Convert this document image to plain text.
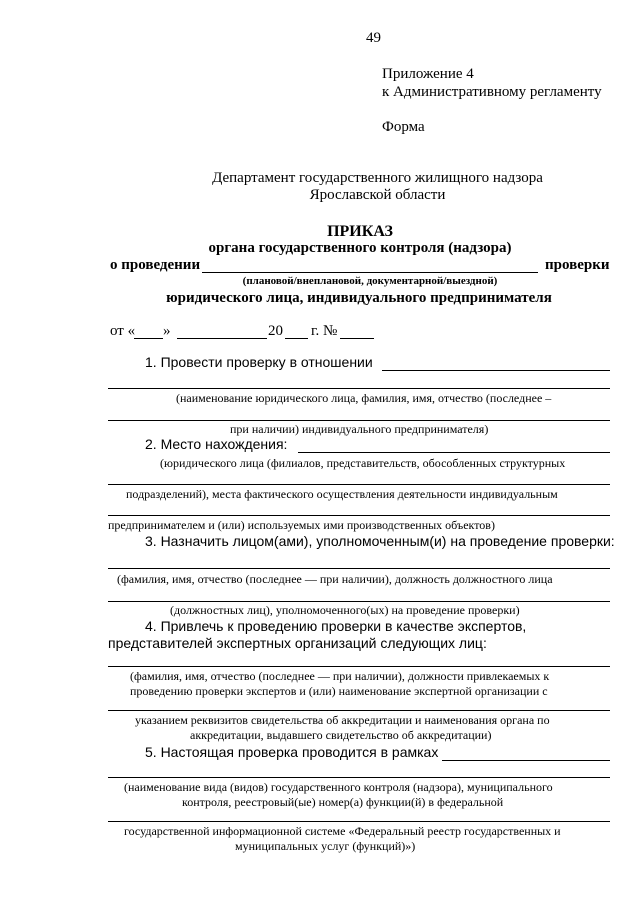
49
Приложение 4
к Административному регламенту
Форма
Департамент государственного жилищного надзора
Ярославской области
ПРИКАЗ
органа государственного контроля (надзора)
о проведении	проверки
(плановой/внеплановой, документарной/выездной)
юридического лица, индивидуального предпринимателя
от « »	20 г. №
1. Провести проверку в отношении
(наименование юридического лица, фамилия, имя, отчество (последнее –
при наличии) индивидуального предпринимателя)
2. Место нахождения:
(юридического лица (филиалов, представительств, обособленных структурных
подразделений), места фактического осуществления деятельности индивидуальным
предпринимателем и (или) используемых ими производственных объектов)
3. Назначить лицом(ами), уполномоченным(и) на проведение проверки:
(фамилия, имя, отчество (последнее — при наличии), должность должностного лица
(должностных лиц), уполномоченного(ых) на проведение проверки)
4. Привлечь к проведению проверки в качестве экспертов,
представителей экспертных организаций следующих лиц:
(фамилия, имя, отчество (последнее — при наличии), должности привлекаемых к
проведению проверки экспертов и (или) наименование экспертной организации с
указанием реквизитов свидетельства об аккредитации и наименования органа по
аккредитации, выдавшего свидетельство об аккредитации)
5. Настоящая проверка проводится в рамках
(наименование вида (видов) государственного контроля (надзора), муниципального
контроля, реестровый(ые) номер(а) функции(й) в федеральной
государственной информационной системе «Федеральный реестр государственных и
муниципальных услуг (функций)»)
